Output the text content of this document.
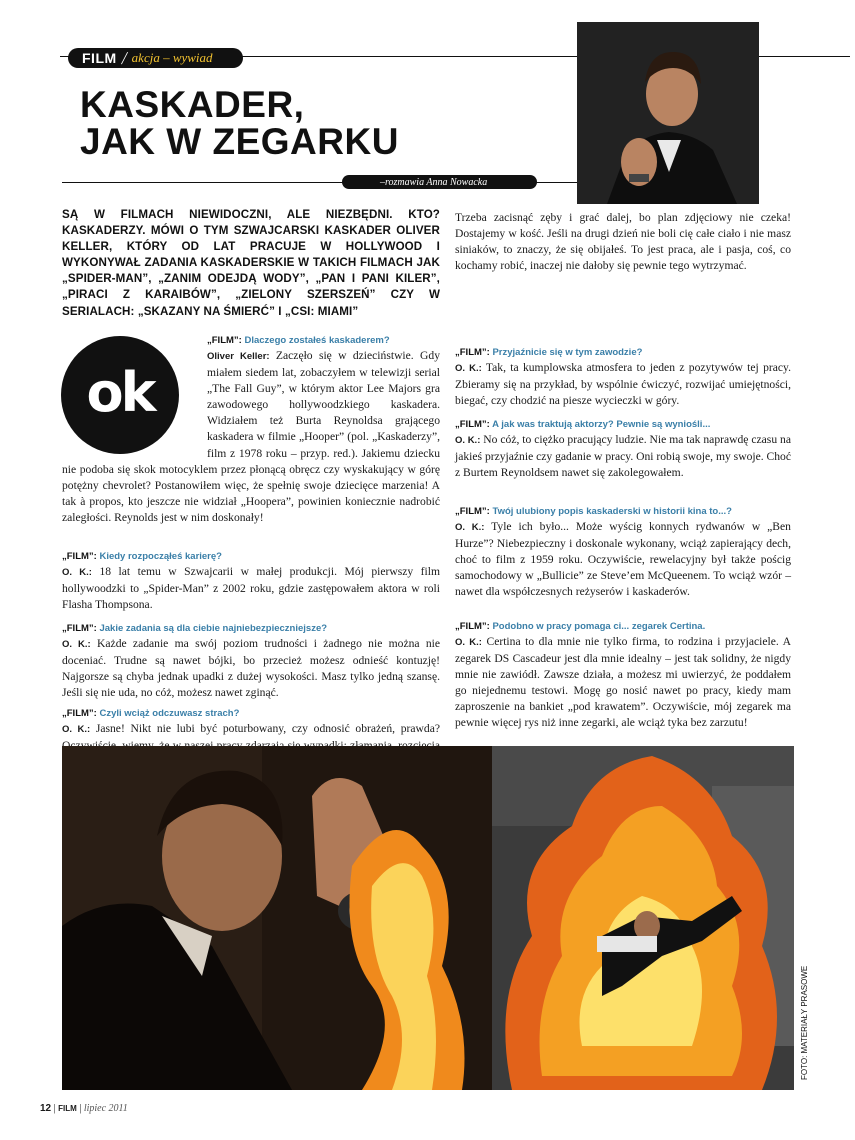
FILM / akcja – wywiad
KASKADER,
JAK W ZEGARKU
–rozmawia Anna Nowacka
SĄ W FILMACH NIEWIDOCZNI, ALE NIEZBĘDNI. KTO? KASKADERZY. MÓWI O TYM SZWAJCARSKI KASKADER OLIVER KELLER, KTÓRY OD LAT PRACUJE W HOLLYWOOD I WYKONYWAŁ ZADANIA KASKADERSKIE W TAKICH FILMACH JAK „SPIDER-MAN”, „ZANIM ODEJDĄ WODY”, „PAN I PANI KILER”, „PIRACI Z KARAIBÓW”, „ZIELONY SZERSZEŃ” CZY W SERIALACH: „SKAZANY NA ŚMIERĆ” I „CSI: MIAMI”
ok
„FILM”: Dlaczego zostałeś kaskaderem?
Oliver Keller: Zaczęło się w dzieciństwie. Gdy miałem siedem lat, zobaczyłem w telewizji serial „The Fall Guy”, w którym aktor Lee Majors gra zawodowego hollywoodzkiego kaskadera. Widziałem też Burta Reynoldsa grającego kaskadera w filmie „Hooper” (pol. „Kaskaderzy”, film z 1978 roku – przyp. red.). Jakiemu dziecku nie podoba się skok motocyklem przez płonącą obręcz czy wyskakujący w górę potężny chevrolet? Postanowiłem więc, że spełnię swoje dziecięce marzenia! A tak à propos, kto jeszcze nie widział „Hoopera”, powinien koniecznie nadrobić zaległości. Reynolds jest w nim doskonały!
„FILM”: Kiedy rozpocząłeś karierę?
O. K.: 18 lat temu w Szwajcarii w małej produkcji. Mój pierwszy film hollywoodzki to „Spider-Man” z 2002 roku, gdzie zastępowałem aktora w roli Flasha Thompsona.
„FILM”: Jakie zadania są dla ciebie najniebezpieczniejsze?
O. K.: Każde zadanie ma swój poziom trudności i żadnego nie można nie doceniać. Trudne są nawet bójki, bo przecież możesz odnieść kontuzję! Najgorsze są chyba jednak upadki z dużej wysokości. Masz tylko jedną szansę. Jeśli się nie uda, no cóż, możesz nawet zginąć.
„FILM”: Czyli wciąż odczuwasz strach?
O. K.: Jasne! Nikt nie lubi być poturbowany, czy odnosić obrażeń, prawda?

Trzeba zacisnąć zęby i grać dalej, bo plan zdjęciowy nie czeka! Dostajemy w kość. Jeśli na drugi dzień nie boli cię całe ciało i nie masz siniaków, to znaczy, że się obijałeś. To jest praca, ale i pasja, coś, co kochamy robić, inaczej nie dałoby się pewnie tego wytrzymać.

„FILM”: Przyjaźnicie się w tym zawodzie?
O. K.: Tak, ta kumplowska atmosfera to jeden z pozytywów tej pracy. Zbieramy się na przykład, by wspólnie ćwiczyć, rozwijać umiejętności, biegać, czy chodzić na piesze wycieczki w góry.
„FILM”: A jak was traktują aktorzy? Pewnie są wyniośli...
O. K.: No cóż, to ciężko pracujący ludzie. Nie ma tak naprawdę czasu na jakieś przyjaźnie czy gadanie w pracy. Oni robią swoje, my swoje. Choć z Burtem Reynoldsem nawet się zakolegowałem.
„FILM”: Twój ulubiony popis kaskaderski w historii kina to...?
O. K.: Tyle ich było... Może wyścig konnych rydwanów w „Ben Hurze”? Niebezpieczny i doskonale wykonany, wciąż zapierający dech, choć to film z 1959 roku. Oczywiście, rewelacyjny był także pościg samochodowy w „Bullicie” ze Steve’em McQueenem. To wciąż wzór – nawet dla współczesnych reżyserów i kaskaderów.
„FILM”: Podobno w pracy pomaga ci... zegarek Certina.
O. K.: Certina to dla mnie nie tylko firma, to rodzina i przyjaciele. A zegarek DS Cascadeur jest dla mnie idealny – jest tak solidny, że nigdy mnie nie zawiódł. Zawsze działa, a możesz mi uwierzyć, że poddałem go niejednemu testowi. Mogę go nosić nawet po pracy, kiedy mam zaproszenie na bankiet „pod krawatem”. Oczywiście, mój zegarek ma pewnie więcej rys niż inne zegarki, ale wciąż tyka bez zarzutu!
FOTO: MATERIAŁY PRASOWE
12 | FILM | lipiec 2011
